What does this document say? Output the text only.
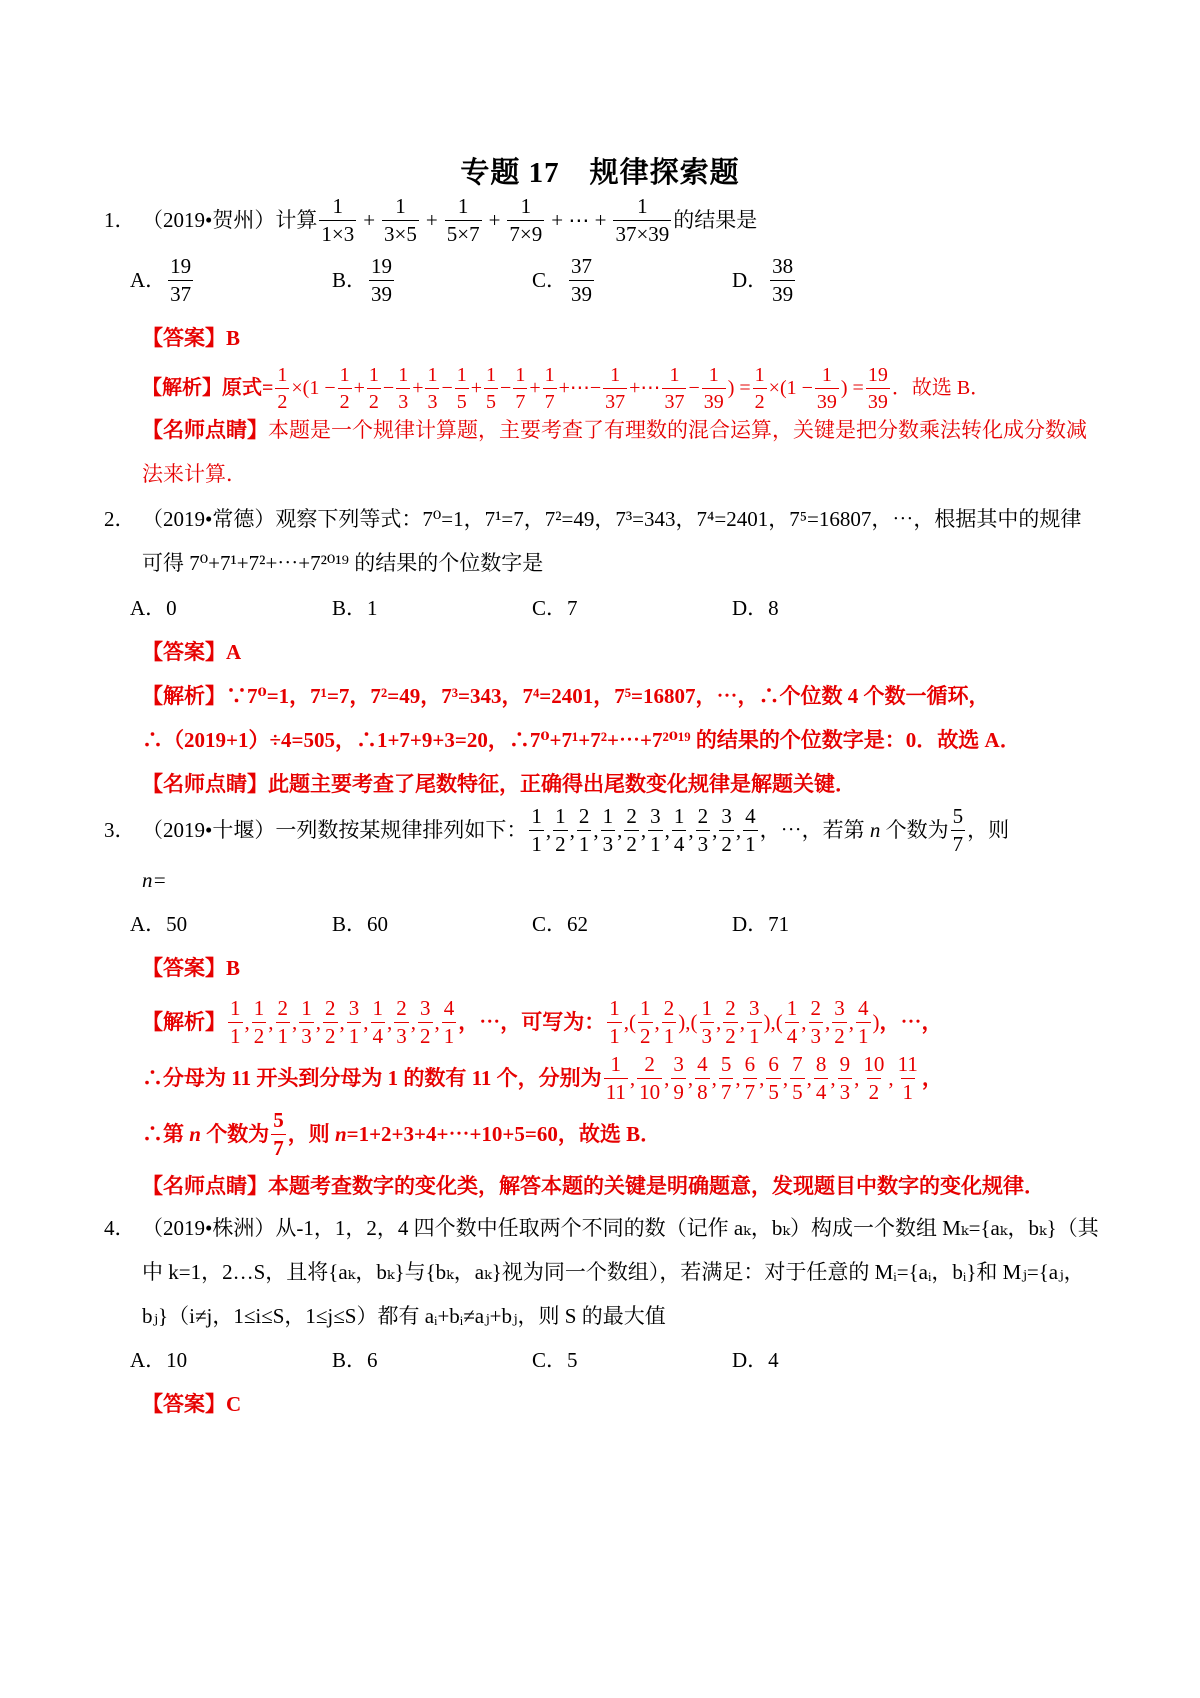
专题 17　规律探索题
1． （2019•贺州）计算
1
1×3
+ $\frac{1}{3\times 5} + \frac{1}{5\times 7} + \frac{1}{7\times 9}$ + ⋯ + $\frac{1}{37\times 39}$ 的结果是
A．
19
37
B．
19
39
C．
37
39
D．
38
39
【答案】B
【解析】原式= $\frac{1}{2} \times(1 - \frac{1}{2} + \frac{1}{2} - \frac{1}{3} + \frac{1}{3} - \frac{1}{5} + \frac{1}{5} - \frac{1}{7} + \frac{1}{7}$ +⋯− $\frac{1}{37}$ +⋯
1
37
− $\frac{1}{39}$ ) = $\frac{1}{2} \times(1 - \frac{1}{39}$ ) = $\frac{19}{39}$ ．故选 B．
【名师点睛】 本题是一个规律计算题，主要考查了有理数的混合运算，关键是把分数乘法转化成分数减
法来计算．
2． （2019•常德）观察下列等式：7⁰=1，7¹=7，7²=49，7³=343，7⁴=2401，7⁵=16807，⋯，根据其中的规律
可得 7⁰+7¹+7²+⋯+7²⁰¹⁹ 的结果的个位数字是
A． 0	B． 1	C． 7	D． 8
【答案】A
【解析】∵7⁰=1，7¹=7，7²=49，7³=343，7⁴=2401，7⁵=16807，⋯，∴个位数 4 个数一循环，
∴（2019+1）÷4=505，∴1+7+9+3=20，∴7⁰+7¹+7²+⋯+7²⁰¹⁹ 的结果的个位数字是：0．故选 A．
【名师点睛】此题主要考查了尾数特征，正确得出尾数变化规律是解题关键．
3． （2019•十堰）一列数按某规律排列如下：
1
1
,
1
2
,
2
1
,
1
3
,
2
2
,
3
1
,
1
4
,
2
3
,
3
2
,
4
1
，⋯，若第
n
个数为
5
7
，则
n=
A． 50	B． 60	C． 62	D． 71
【答案】B
【解析】
1
1
,
1
2
,
2
1
,
1
3
,
2
2
,
3
1
,
1
4
,
2
3
,
3
2
,
4
1
，⋯，可写为：
1
1
,(
1
2
,
2
1
),(
1
3
,
2
2
,
3
1
),(
1
4
,
2
3
,
3
2
,
4
1
) ，⋯，
∴分母为 11 开头到分母为 1 的数有 11 个，分别为
1
11
,
2
10
,
3
9
,
4
8
,
5
7
,
6
7
,
6
5
,
7
5
,
8
4
,
9
3
,
10
2
,
11
1
，
∴第
n
个数为
5
7
，则
n =1+2+3+4+⋯+10+5=60，故选 B．
【名师点睛】本题考查数字的变化类，解答本题的关键是明确题意，发现题目中数字的变化规律．
4． （2019•株洲）从-1，1，2，4 四个数中任取两个不同的数（记作 aₖ，bₖ）构成一个数组 Mₖ={aₖ，bₖ}（其
中 k=1，2…S，且将{aₖ，bₖ}与{bₖ，aₖ}视为同一个数组），若满足：对于任意的 Mᵢ={aᵢ，bᵢ}和 Mⱼ={aⱼ，
bⱼ}（i≠j，1≤i≤S，1≤j≤S）都有 aᵢ+bᵢ≠aⱼ+bⱼ，则 S 的最大值
A． 10	B． 6	C． 5	D． 4
【答案】C
